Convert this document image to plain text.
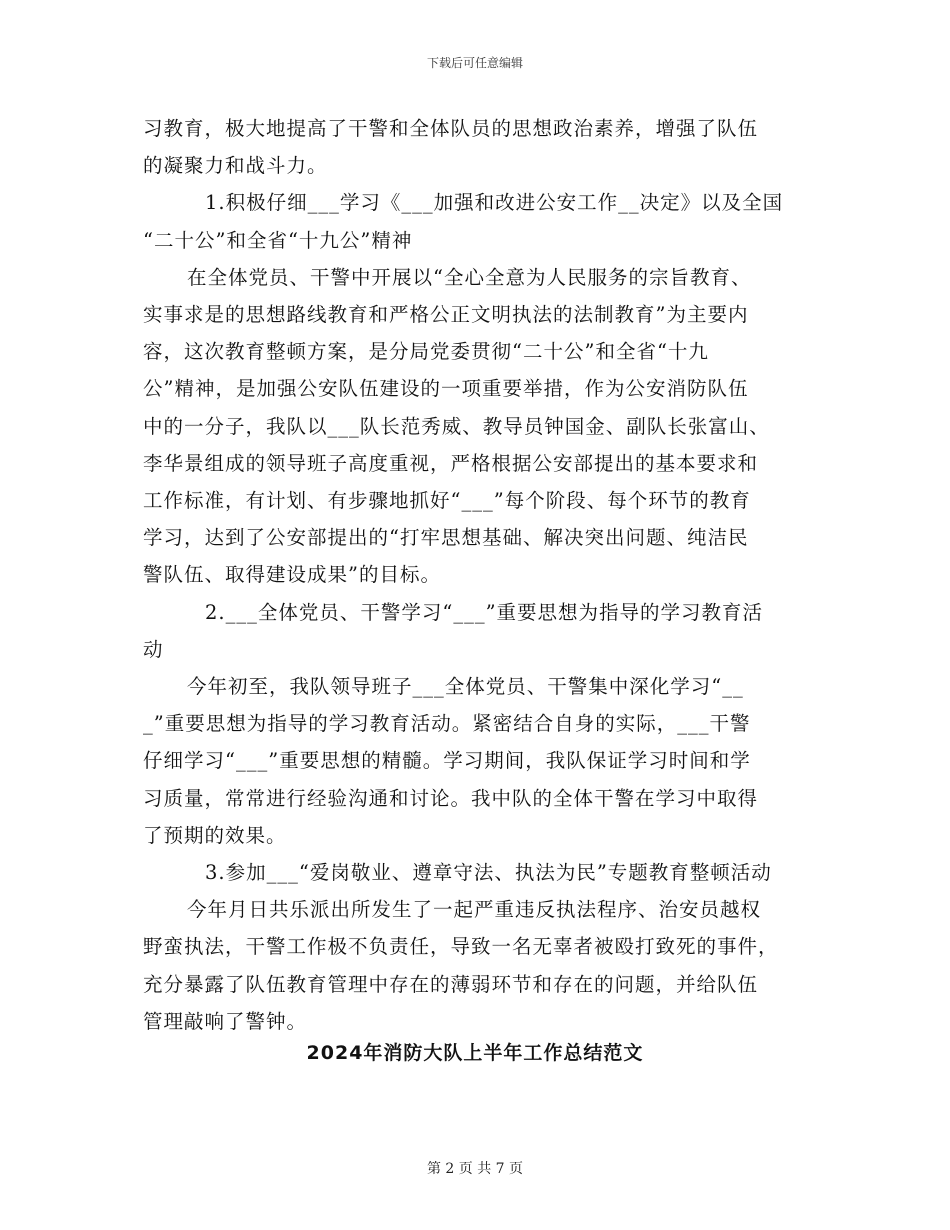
下载后可任意编辑
习教育，极大地提高了干警和全体队员的思想政治素养，增强了队伍
的凝聚力和战斗力。
1.积极仔细___学习《___加强和改进公安工作__决定》以及全国
“二十公”和全省“十九公”精神
在全体党员、干警中开展以“全心全意为人民服务的宗旨教育、
实事求是的思想路线教育和严格公正文明执法的法制教育”为主要内
容，这次教育整顿方案，是分局党委贯彻“二十公”和全省“十九
公”精神，是加强公安队伍建设的一项重要举措，作为公安消防队伍
中的一分子，我队以___队长范秀威、教导员钟国金、副队长张富山、
李华景组成的领导班子高度重视，严格根据公安部提出的基本要求和
工作标准，有计划、有步骤地抓好“___”每个阶段、每个环节的教育
学习，达到了公安部提出的“打牢思想基础、解决突出问题、纯洁民
警队伍、取得建设成果”的目标。
2.___全体党员、干警学习“___”重要思想为指导的学习教育活
动
今年初至，我队领导班子___全体党员、干警集中深化学习“__
_”重要思想为指导的学习教育活动。紧密结合自身的实际，___干警
仔细学习“___”重要思想的精髓。学习期间，我队保证学习时间和学
习质量，常常进行经验沟通和讨论。我中队的全体干警在学习中取得
了预期的效果。
3.参加___“爱岗敬业、遵章守法、执法为民”专题教育整顿活动
今年月日共乐派出所发生了一起严重违反执法程序、治安员越权
野蛮执法，干警工作极不负责任，导致一名无辜者被殴打致死的事件，
充分暴露了队伍教育管理中存在的薄弱环节和存在的问题，并给队伍
管理敲响了警钟。
2024年消防大队上半年工作总结范文
第 2 页 共 7 页
